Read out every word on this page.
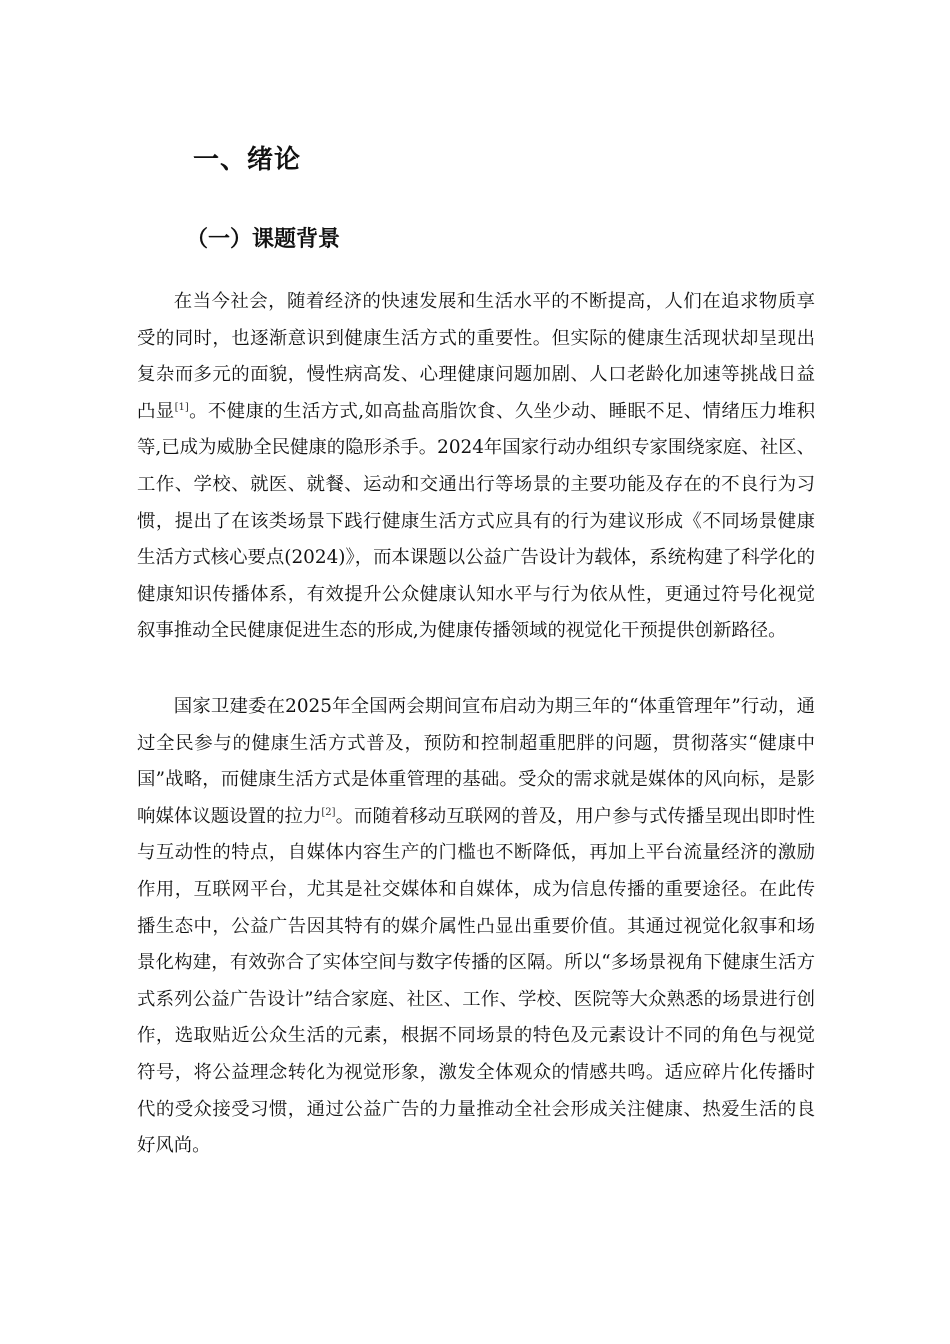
一、绪论
（一）课题背景

在当今社会，随着经济的快速发展和生活水平的不断提高，人们在追求物质享受的同时，也逐渐意识到健康生活方式的重要性。但实际的健康生活现状却呈现出复杂而多元的面貌，慢性病高发、心理健康问题加剧、人口老龄化加速等挑战日益凸显[1]。不健康的生活方式,如高盐高脂饮食、久坐少动、睡眠不足、情绪压力堆积等,已成为威胁全民健康的隐形杀手。2024年国家行动办组织专家围绕家庭、社区、工作、学校、就医、就餐、运动和交通出行等场景的主要功能及存在的不良行为习惯，提出了在该类场景下践行健康生活方式应具有的行为建议形成《不同场景健康生活方式核心要点(2024)》，而本课题以公益广告设计为载体，系统构建了科学化的健康知识传播体系，有效提升公众健康认知水平与行为依从性，更通过符号化视觉叙事推动全民健康促进生态的形成,为健康传播领域的视觉化干预提供创新路径。

国家卫建委在2025年全国两会期间宣布启动为期三年的“体重管理年”行动，通过全民参与的健康生活方式普及，预防和控制超重肥胖的问题，贯彻落实“健康中国”战略，而健康生活方式是体重管理的基础。受众的需求就是媒体的风向标，是影响媒体议题设置的拉力[2]。而随着移动互联网的普及，用户参与式传播呈现出即时性与互动性的特点，自媒体内容生产的门槛也不断降低，再加上平台流量经济的激励作用，互联网平台，尤其是社交媒体和自媒体，成为信息传播的重要途径。在此传播生态中，公益广告因其特有的媒介属性凸显出重要价值。其通过视觉化叙事和场景化构建，有效弥合了实体空间与数字传播的区隔。所以“多场景视角下健康生活方式系列公益广告设计”结合家庭、社区、工作、学校、医院等大众熟悉的场景进行创作，选取贴近公众生活的元素，根据不同场景的特色及元素设计不同的角色与视觉符号，将公益理念转化为视觉形象，激发全体观众的情感共鸣。适应碎片化传播时代的受众接受习惯，通过公益广告的力量推动全社会形成关注健康、热爱生活的良好风尚。
